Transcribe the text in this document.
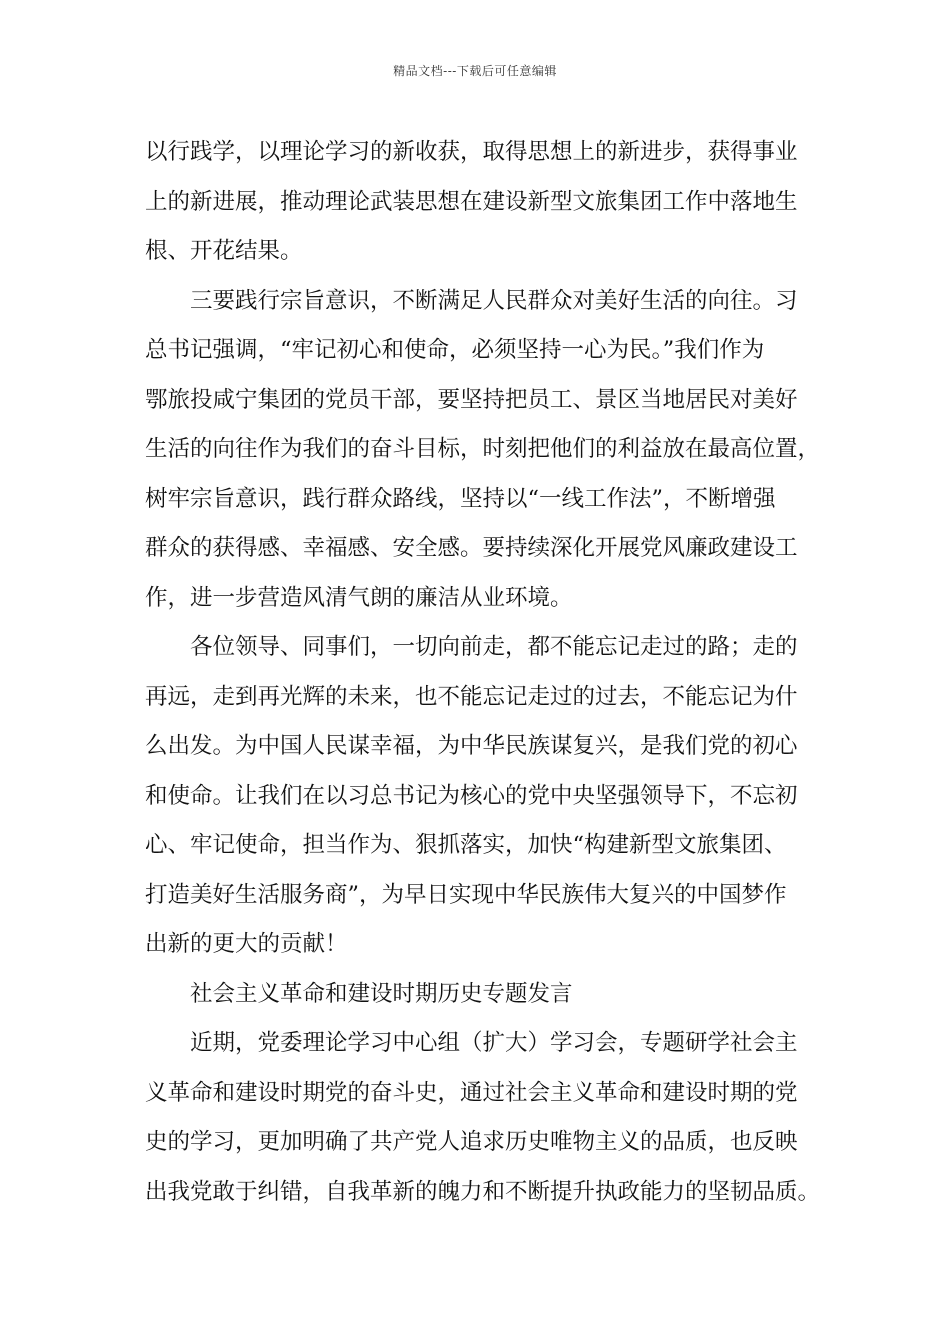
精品文档---下载后可任意编辑
以行践学，以理论学习的新收获，取得思想上的新进步，获得事业
上的新进展，推动理论武装思想在建设新型文旅集团工作中落地生
根、开花结果。
三要践行宗旨意识，不断满足人民群众对美好生活的向往。习
总书记强调，“牢记初心和使命，必须坚持一心为民。”我们作为
鄂旅投咸宁集团的党员干部，要坚持把员工、景区当地居民对美好
生活的向往作为我们的奋斗目标，时刻把他们的利益放在最高位置，
树牢宗旨意识，践行群众路线，坚持以“一线工作法”，不断增强
群众的获得感、幸福感、安全感。要持续深化开展党风廉政建设工
作，进一步营造风清气朗的廉洁从业环境。
各位领导、同事们，一切向前走，都不能忘记走过的路；走的
再远，走到再光辉的未来，也不能忘记走过的过去，不能忘记为什
么出发。为中国人民谋幸福，为中华民族谋复兴，是我们党的初心
和使命。让我们在以习总书记为核心的党中央坚强领导下，不忘初
心、牢记使命，担当作为、狠抓落实，加快“构建新型文旅集团、
打造美好生活服务商”，为早日实现中华民族伟大复兴的中国梦作
出新的更大的贡献！
社会主义革命和建设时期历史专题发言
近期，党委理论学习中心组（扩大）学习会，专题研学社会主
义革命和建设时期党的奋斗史，通过社会主义革命和建设时期的党
史的学习，更加明确了共产党人追求历史唯物主义的品质，也反映
出我党敢于纠错，自我革新的魄力和不断提升执政能力的坚韧品质。
